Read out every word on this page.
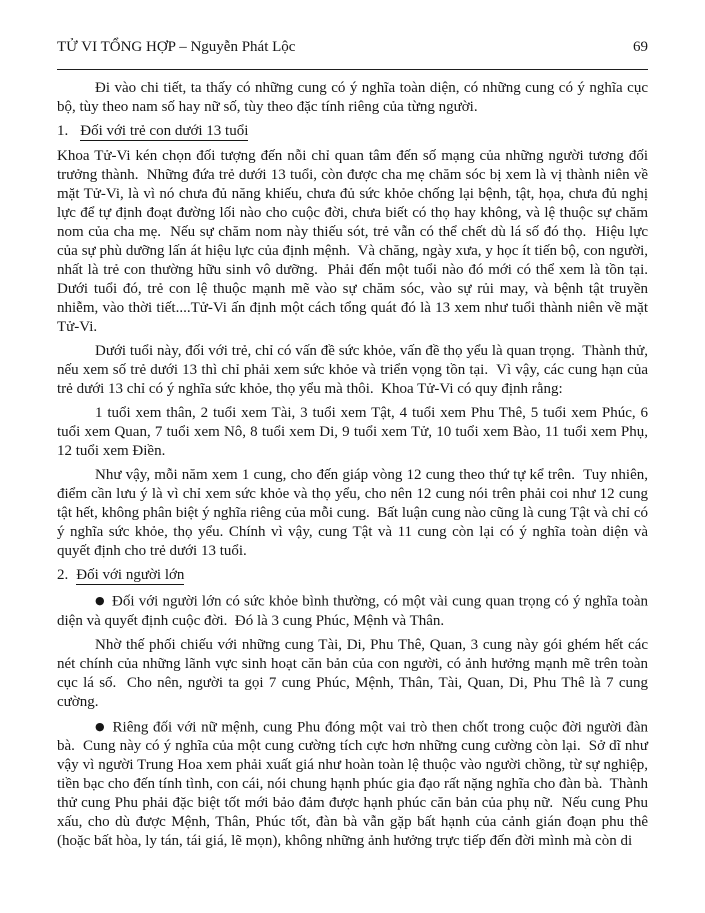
TỬ VI TỔNG HỢP – Nguyễn Phát Lộc	69

Đi vào chi tiết, ta thấy có những cung có ý nghĩa toàn diện, có những cung có ý nghĩa cục bộ, tùy theo nam số hay nữ số, tùy theo đặc tính riêng của từng người.

1. Đối với trẻ con dưới 13 tuổi

Khoa Tử-Vi kén chọn đối tượng đến nỗi chỉ quan tâm đến số mạng của những người tương đối trưởng thành.  Những đứa trẻ dưới 13 tuổi, còn được cha mẹ chăm sóc bị xem là vị thành niên về mặt Tử-Vi, là vì nó chưa đủ năng khiếu, chưa đủ sức khỏe chống lại bệnh, tật, họa, chưa đủ nghị lực để tự định đoạt đường lối nào cho cuộc đời, chưa biết có thọ hay không, và lệ thuộc sự chăm nom của cha mẹ.  Nếu sự chăm nom này thiếu sót, trẻ vẫn có thể chết dù lá số đó thọ.  Hiệu lực của sự phù dưỡng lấn át hiệu lực của định mệnh.  Và chăng, ngày xưa, y học ít tiến bộ, con người, nhất là trẻ con thường hữu sinh vô dưỡng.  Phải đến một tuổi nào đó mới có thể xem là tồn tại.  Dưới tuổi đó, trẻ con lệ thuộc mạnh mẽ vào sự chăm sóc, vào sự rủi may, và bệnh tật truyền nhiễm, vào thời tiết....Tử-Vi ấn định một cách tổng quát đó là 13 xem như tuổi thành niên về mặt Tử-Vi.

Dưới tuổi này, đối với trẻ, chỉ có vấn đề sức khỏe, vấn đề thọ yểu là quan trọng.  Thành thử, nếu xem số trẻ dưới 13 thì chỉ phải xem sức khỏe và triển vọng tồn tại.  Vì vậy, các cung hạn của trẻ dưới 13 chỉ có ý nghĩa sức khỏe, thọ yểu mà thôi.  Khoa Tử-Vi có quy định rằng:

1 tuổi xem thân, 2 tuổi xem Tài, 3 tuổi xem Tật, 4 tuổi xem Phu Thê, 5 tuổi xem Phúc, 6 tuổi xem Quan, 7 tuổi xem Nô, 8 tuổi xem Di, 9 tuổi xem Tử, 10 tuổi xem Bào, 11 tuổi xem Phụ, 12 tuổi xem Điền.

Như vậy, mỗi năm xem 1 cung, cho đến giáp vòng 12 cung theo thứ tự kể trên.  Tuy nhiên, điểm cần lưu ý là vì chỉ xem sức khỏe và thọ yểu, cho nên 12 cung nói trên phải coi như 12 cung tật hết, không phân biệt ý nghĩa riêng của mỗi cung.  Bất luận cung nào cũng là cung Tật và chỉ có ý nghĩa sức khỏe, thọ yểu. Chính vì vậy, cung Tật và 11 cung còn lại có ý nghĩa toàn diện và quyết định cho trẻ dưới 13 tuổi.

2. Đối với người lớn

● Đối với người lớn có sức khỏe bình thường, có một vài cung quan trọng có ý nghĩa toàn diện và quyết định cuộc đời.  Đó là 3 cung Phúc, Mệnh và Thân.

Nhờ thế phối chiếu với những cung Tài, Di, Phu Thê, Quan, 3 cung này gói ghém hết các nét chính của những lãnh vực sinh hoạt căn bản của con người, có ảnh hưởng mạnh mẽ trên toàn cục lá số.  Cho nên, người ta gọi 7 cung Phúc, Mệnh, Thân, Tài, Quan, Di, Phu Thê là 7 cung cường.

● Riêng đối với nữ mệnh, cung Phu đóng một vai trò then chốt trong cuộc đời người đàn bà.  Cung này có ý nghĩa của một cung cường tích cực hơn những cung cường còn lại.  Sở dĩ như vậy vì người Trung Hoa xem phải xuất giá như hoàn toàn lệ thuộc vào người chồng, từ sự nghiệp, tiền bạc cho đến tính tình, con cái, nói chung hạnh phúc gia đạo rất nặng nghĩa cho đàn bà.  Thành thử cung Phu phải đặc biệt tốt mới bảo đảm được hạnh phúc căn bản của phụ nữ.  Nếu cung Phu xấu, cho dù được Mệnh, Thân, Phúc tốt, đàn bà vẫn gặp bất hạnh của cảnh gián đoạn phu thê (hoặc bất hòa, ly tán, tái giá, lẽ mọn), không những ảnh hưởng trực tiếp đến đời mình mà còn di
